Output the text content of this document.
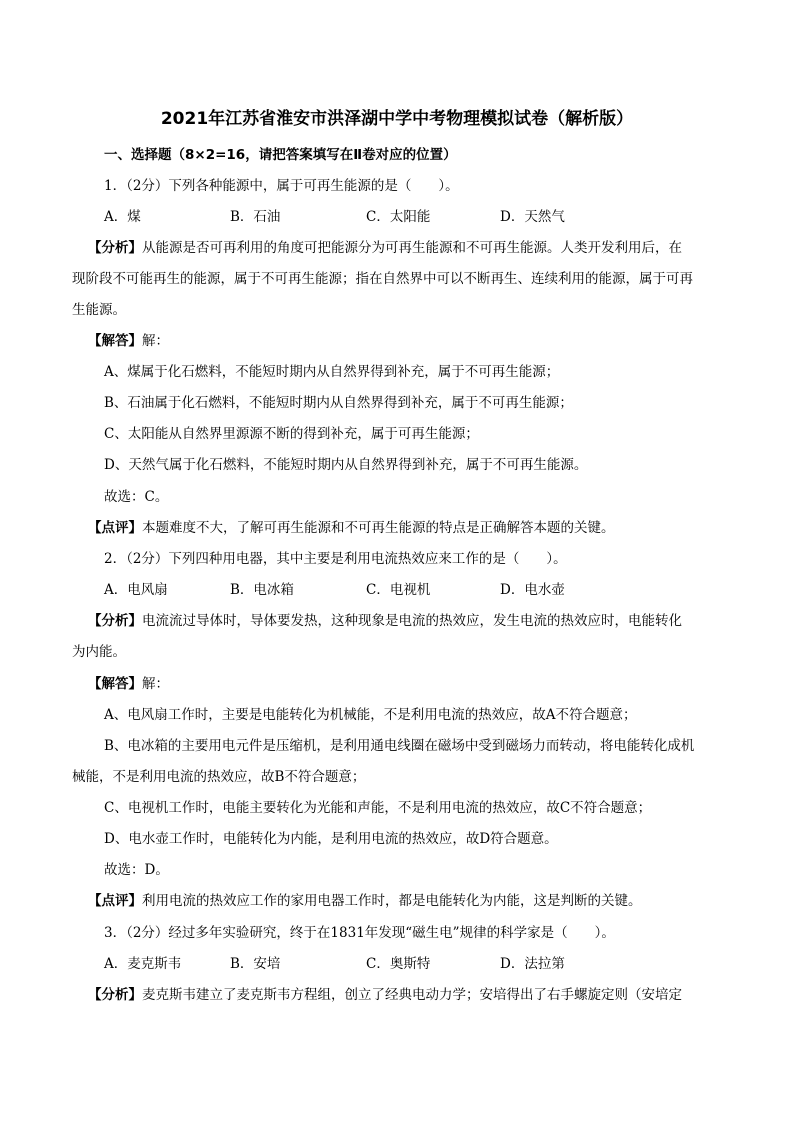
2021年江苏省淮安市洪泽湖中学中考物理模拟试卷（解析版）
一、选择题（8×2=16，请把答案填写在Ⅱ卷对应的位置）
1．（2分）下列各种能源中，属于可再生能源的是（　　）。
A．煤	B．石油	C．太阳能	D．天然气
【分析】从能源是否可再利用的角度可把能源分为可再生能源和不可再生能源。人类开发利用后，在
现阶段不可能再生的能源，属于不可再生能源；指在自然界中可以不断再生、连续利用的能源，属于可再
生能源。
【解答】解：
A、煤属于化石燃料，不能短时期内从自然界得到补充，属于不可再生能源；
B、石油属于化石燃料，不能短时期内从自然界得到补充，属于不可再生能源；
C、太阳能从自然界里源源不断的得到补充，属于可再生能源；
D、天然气属于化石燃料，不能短时期内从自然界得到补充，属于不可再生能源。
故选：C。
【点评】本题难度不大，了解可再生能源和不可再生能源的特点是正确解答本题的关键。
2．（2分）下列四种用电器，其中主要是利用电流热效应来工作的是（　　）。
A．电风扇	B．电冰箱	C．电视机	D．电水壶
【分析】电流流过导体时，导体要发热，这种现象是电流的热效应，发生电流的热效应时，电能转化
为内能。
【解答】解：
A、电风扇工作时，主要是电能转化为机械能，不是利用电流的热效应，故A不符合题意；
B、电冰箱的主要用电元件是压缩机，是利用通电线圈在磁场中受到磁场力而转动，将电能转化成机
械能，不是利用电流的热效应，故B不符合题意；
C、电视机工作时，电能主要转化为光能和声能，不是利用电流的热效应，故C不符合题意；
D、电水壶工作时，电能转化为内能，是利用电流的热效应，故D符合题意。
故选：D。
【点评】利用电流的热效应工作的家用电器工作时，都是电能转化为内能，这是判断的关键。
3．（2分）经过多年实验研究，终于在1831年发现“磁生电”规律的科学家是（　　）。
A．麦克斯韦	B．安培	C．奥斯特	D．法拉第
【分析】麦克斯韦建立了麦克斯韦方程组，创立了经典电动力学；安培得出了右手螺旋定则（安培定
